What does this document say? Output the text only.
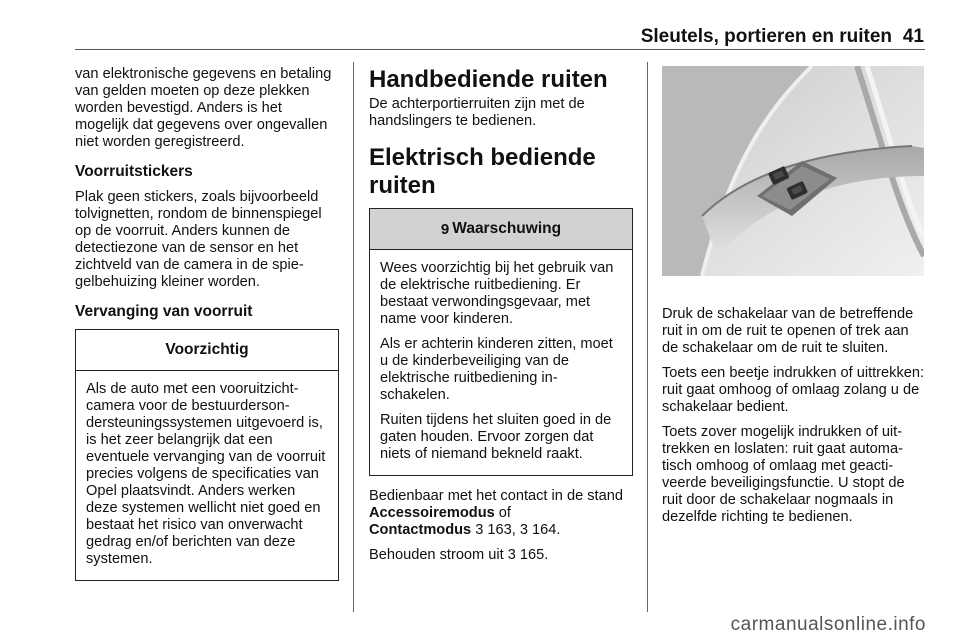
Sleutels, portieren en ruiten 41

van elektronische gegevens en betaling van gelden moeten op deze plekken worden bevestigd. Anders is het mogelijk dat gegevens over ongevallen niet worden geregistreerd.

Voorruitstickers

Plak geen stickers, zoals bijvoorbeeld tolvignetten, rondom de binnenspiegel op de voorruit. Anders kunnen de detectiezone van de sensor en het zichtveld van de camera in de spiegelbehuizing kleiner worden.

Vervanging van voorruit
Voorzichtig

Als de auto met een vooruitzichtcamera voor de bestuurdersondersteuningssystemen uitgevoerd is, is het zeer belangrijk dat een eventuele vervanging van de voorruit precies volgens de specificaties van Opel plaatsvindt. Anders werken deze systemen wellicht niet goed en bestaat het risico van onverwacht gedrag en/of berichten van deze systemen.

Handbediende ruiten

De achterportierruiten zijn met de handslingers te bedienen.

Elektrisch bediende ruiten
9 Waarschuwing

Wees voorzichtig bij het gebruik van de elektrische ruitbediening. Er bestaat verwondingsgevaar, met name voor kinderen.

Als er achterin kinderen zitten, moet u de kinderbeveiliging van de elektrische ruitbediening inschakelen.

Ruiten tijdens het sluiten goed in de gaten houden. Ervoor zorgen dat niets of niemand bekneld raakt.

Bedienbaar met het contact in de stand Accessoiremodus of
Contactmodus 3 163, 3 164.

Behouden stroom uit 3 165.

Druk de schakelaar van de betreffende ruit in om de ruit te openen of trek aan de schakelaar om de ruit te sluiten.

Toets een beetje indrukken of uittrekken: ruit gaat omhoog of omlaag zolang u de schakelaar bedient.

Toets zover mogelijk indrukken of uittrekken en loslaten: ruit gaat automatisch omhoog of omlaag met geactiveerde beveiligingsfunctie. U stopt de ruit door de schakelaar nogmaals in dezelfde richting te bedienen.

carmanualsonline.info
